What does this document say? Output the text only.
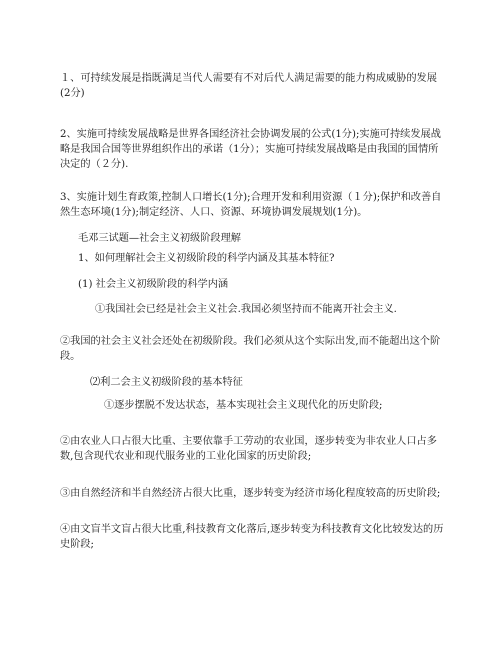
１、可持续发展是指既满足当代人需要有不对后代人满足需要的能力构成威胁的发展(2分)

2、实施可持续发展战略是世界各国经济社会协调发展的公式(1分);实施可持续发展战略是我国合国等世界组织作出的承诺（1分）；实施可持续发展战略是由我国的国情所决定的（２分).

3、实施计划生育政策,控制人口增长(1分);合理开发和利用资源（１分);保护和改善自然生态环境(1分);制定经济、人口、资源、环境协调发展规划(1分)。

毛邓三试题—社会主义初级阶段理解

1、如何理解社会主义初级阶段的科学内涵及其基本特征?

(1) 社会主义初级阶段的科学内涵

①我国社会已经是社会主义社会.我国必须坚持而不能离开社会主义.

②我国的社会主义社会还处在初级阶段。我们必须从这个实际出发,而不能超出这个阶段。

⑵利二会主义初级阶段的基本特征

①逐步摆脱不发达状态，基本实现社会主义现代化的历史阶段;

②由农业人口占很大比重、主要依靠手工劳动的农业国，逐步转变为非农业人口占多数,包含现代农业和现代服务业的工业化国家的历史阶段;

③由自然经济和半自然经济占很大比重，逐步转变为经济市场化程度较高的历史阶段;

④由文盲半文盲占很大比重,科技教育文化落后,逐步转变为科技教育文化比较发达的历史阶段;
